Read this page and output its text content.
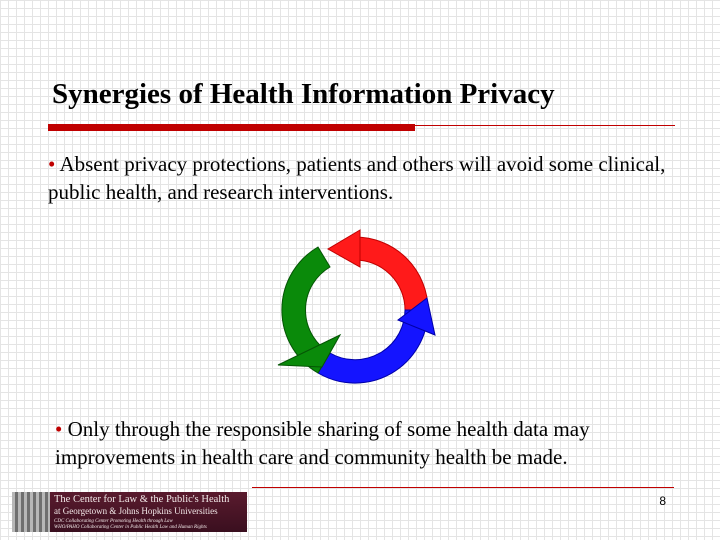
Synergies of Health Information Privacy
• Absent privacy protections, patients and others will avoid some clinical, public health, and research interventions.
• Only through the responsible sharing of some health data may improvements in health care and community health be made.
The Center for Law & the Public's Health
at Georgetown & Johns Hopkins Universities
CDC Collaborating Center Promoting Health through Law
WHO/PAHO Collaborating Center in Public Health Law and Human Rights
8
